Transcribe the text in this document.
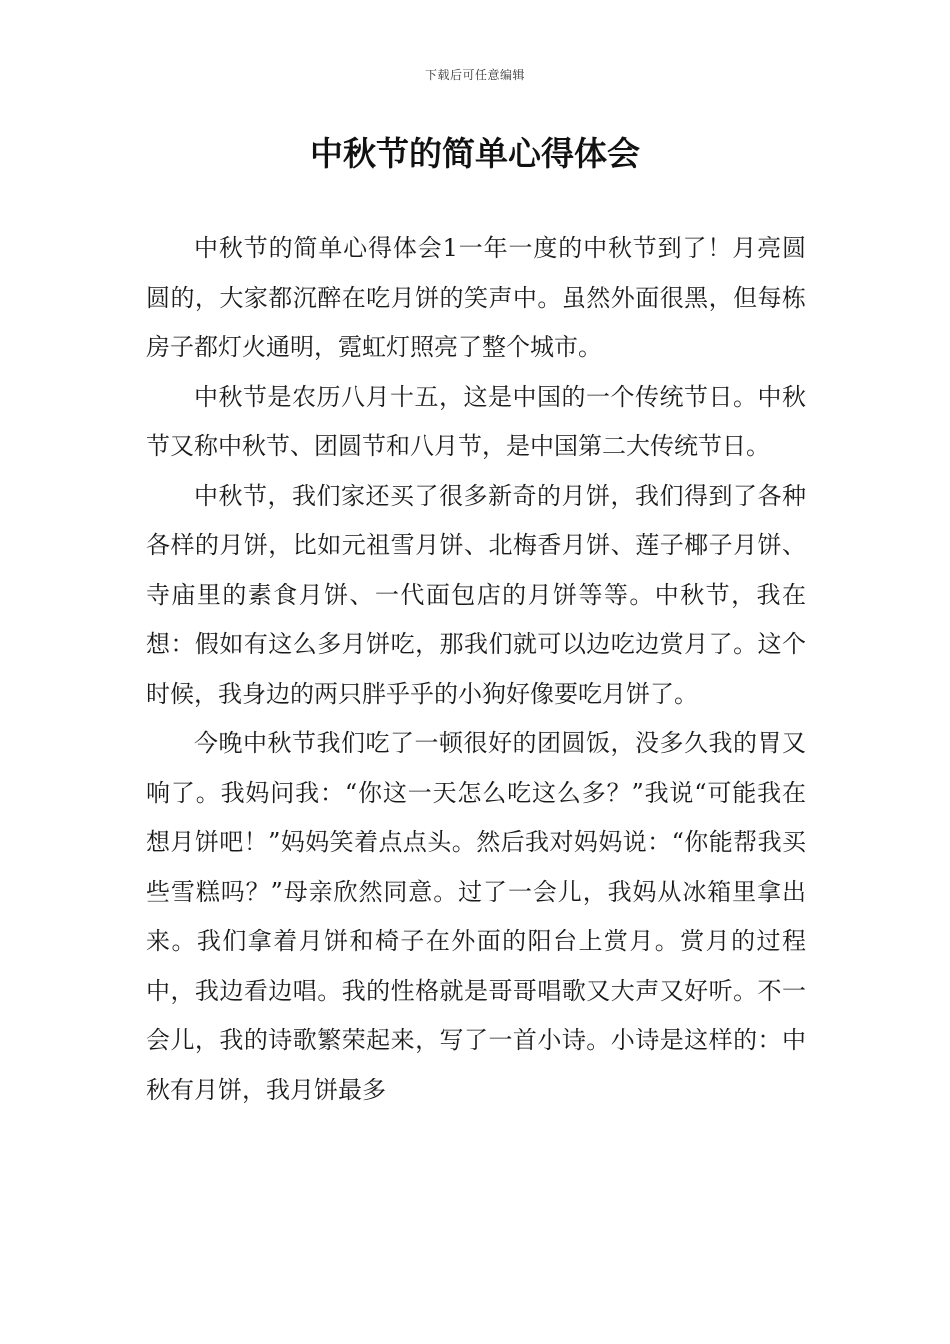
下载后可任意编辑
中秋节的简单心得体会

中秋节的简单心得体会1一年一度的中秋节到了！月亮圆圆的，大家都沉醉在吃月饼的笑声中。虽然外面很黑，但每栋房子都灯火通明，霓虹灯照亮了整个城市。

中秋节是农历八月十五，这是中国的一个传统节日。中秋节又称中秋节、团圆节和八月节，是中国第二大传统节日。

中秋节，我们家还买了很多新奇的月饼，我们得到了各种各样的月饼，比如元祖雪月饼、北梅香月饼、莲子椰子月饼、寺庙里的素食月饼、一代面包店的月饼等等。中秋节，我在想：假如有这么多月饼吃，那我们就可以边吃边赏月了。这个时候，我身边的两只胖乎乎的小狗好像要吃月饼了。

今晚中秋节我们吃了一顿很好的团圆饭，没多久我的胃又响了。我妈问我：“你这一天怎么吃这么多？”我说“可能我在想月饼吧！”妈妈笑着点点头。然后我对妈妈说：“你能帮我买些雪糕吗？”母亲欣然同意。过了一会儿，我妈从冰箱里拿出来。我们拿着月饼和椅子在外面的阳台上赏月。赏月的过程中，我边看边唱。我的性格就是哥哥唱歌又大声又好听。不一会儿，我的诗歌繁荣起来，写了一首小诗。小诗是这样的：中秋有月饼，我月饼最多
